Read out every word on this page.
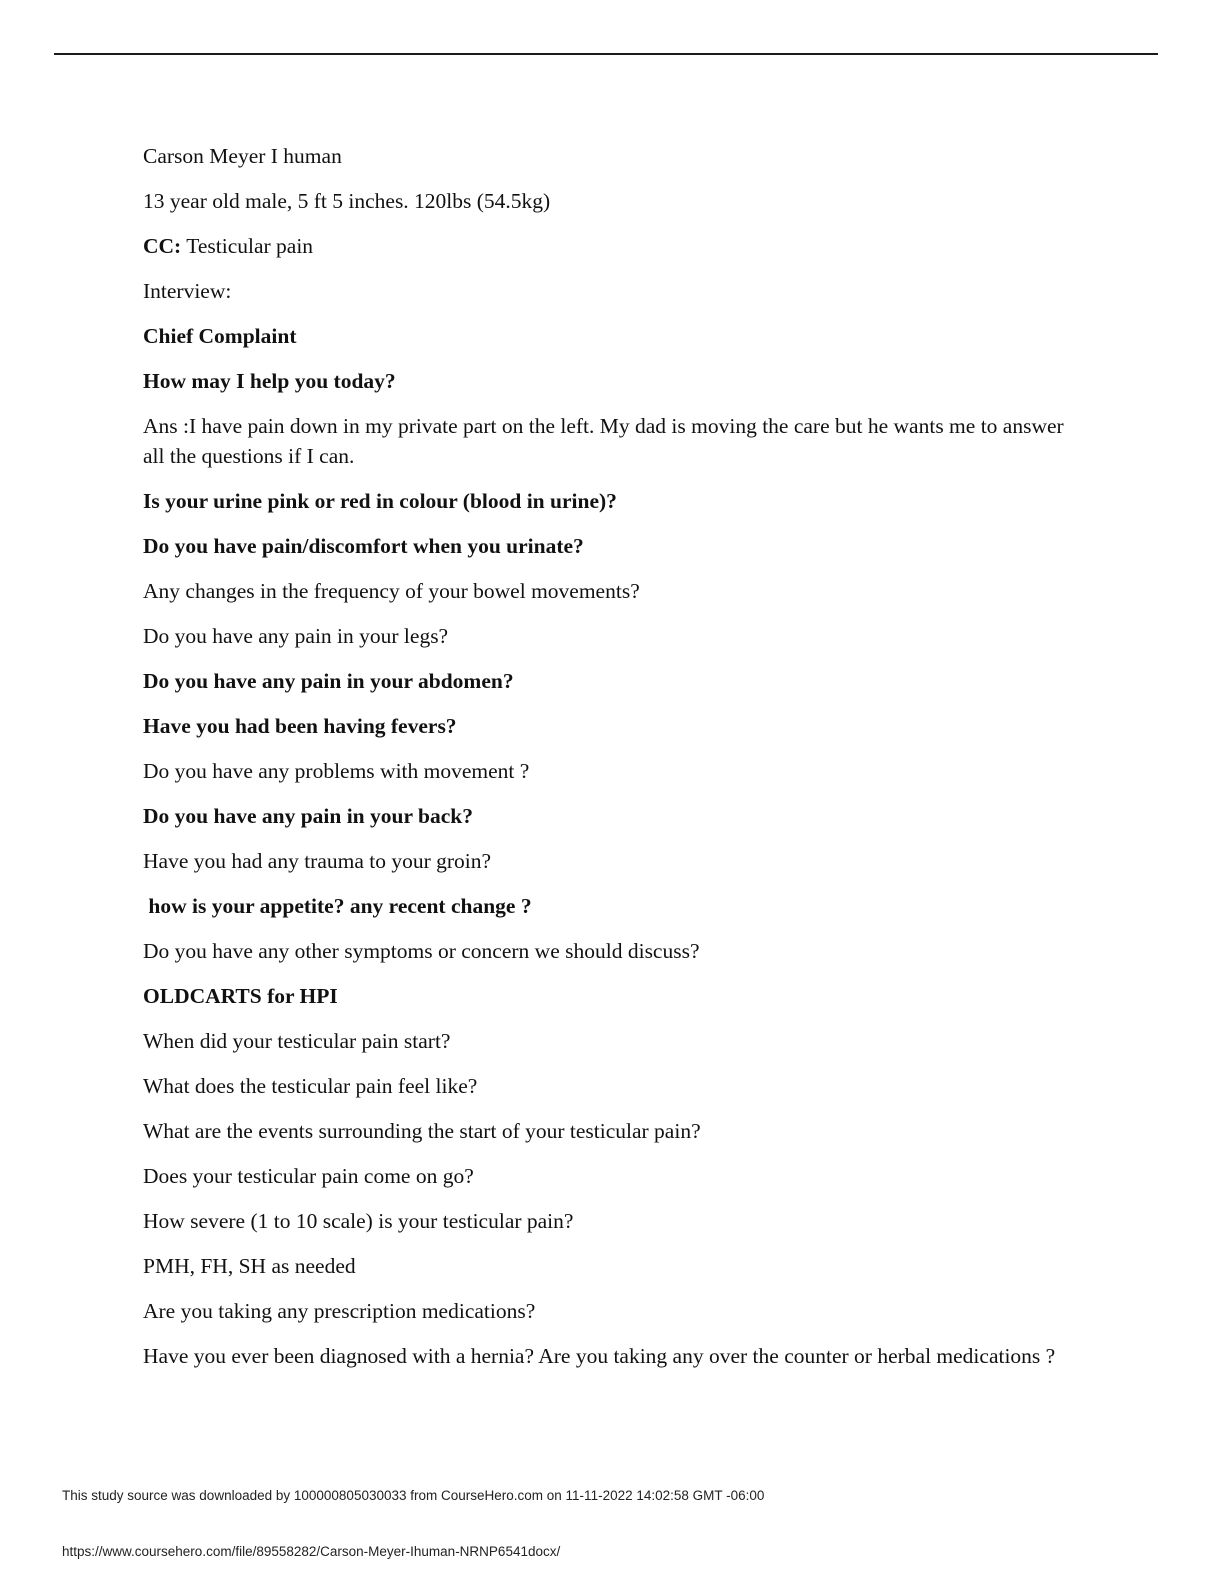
Carson Meyer I human

13 year old male, 5 ft 5 inches. 120lbs (54.5kg)

CC: Testicular pain

Interview:

Chief Complaint

How may I help you today?

Ans :I have pain down in my private part on the left. My dad is moving the care but he wants me to answer all the questions if I can.

Is your urine pink or red in colour (blood in urine)?

Do you have pain/discomfort when you urinate?

Any changes in the frequency of your bowel movements?

Do you have any pain in your legs?

Do you have any pain in your abdomen?

Have you had been having fevers?

Do you have any problems with movement ?

Do you have any pain in your back?

Have you had any trauma to your groin?

how is your appetite? any recent change ?

Do you have any other symptoms or concern we should discuss?

OLDCARTS for HPI

When did your testicular pain start?

What does the testicular pain feel like?

What are the events surrounding the start of your testicular pain?

Does your testicular pain come on go?

How severe (1 to 10 scale) is your testicular pain?

PMH, FH, SH as needed

Are you taking any prescription medications?

Have you ever been diagnosed with a hernia? Are you taking any over the counter or herbal medications ?

This study source was downloaded by 100000805030033 from CourseHero.com on 11-11-2022 14:02:58 GMT -06:00
https://www.coursehero.com/file/89558282/Carson-Meyer-Ihuman-NRNP6541docx/
